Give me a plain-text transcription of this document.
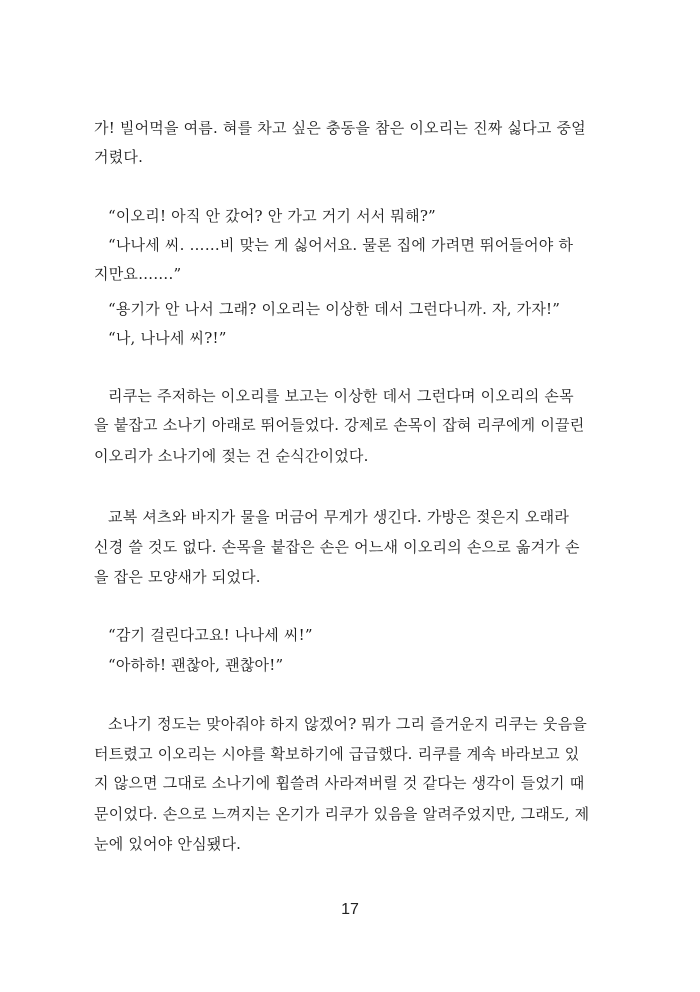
가! 빌어먹을 여름. 혀를 차고 싶은 충동을 참은 이오리는 진짜 싫다고 중얼
거렸다.
“이오리! 아직 안 갔어? 안 가고 거기 서서 뭐해?”
“나나세 씨. ……비 맞는 게 싫어서요. 물론 집에 가려면 뛰어들어야 하
지만요…….”
“용기가 안 나서 그래? 이오리는 이상한 데서 그런다니까. 자, 가자!”
“나, 나나세 씨?!”
리쿠는 주저하는 이오리를 보고는 이상한 데서 그런다며 이오리의 손목
을 붙잡고 소나기 아래로 뛰어들었다. 강제로 손목이 잡혀 리쿠에게 이끌린
이오리가 소나기에 젖는 건 순식간이었다.
교복 셔츠와 바지가 물을 머금어 무게가 생긴다. 가방은 젖은지 오래라
신경 쓸 것도 없다. 손목을 붙잡은 손은 어느새 이오리의 손으로 옮겨가 손
을 잡은 모양새가 되었다.
“감기 걸린다고요! 나나세 씨!”
“아하하! 괜찮아, 괜찮아!”
소나기 정도는 맞아줘야 하지 않겠어? 뭐가 그리 즐거운지 리쿠는 웃음을
터트렸고 이오리는 시야를 확보하기에 급급했다. 리쿠를 계속 바라보고 있
지 않으면 그대로 소나기에 휩쓸려 사라져버릴 것 같다는 생각이 들었기 때
문이었다. 손으로 느껴지는 온기가 리쿠가 있음을 알려주었지만, 그래도, 제
눈에 있어야 안심됐다.
17
